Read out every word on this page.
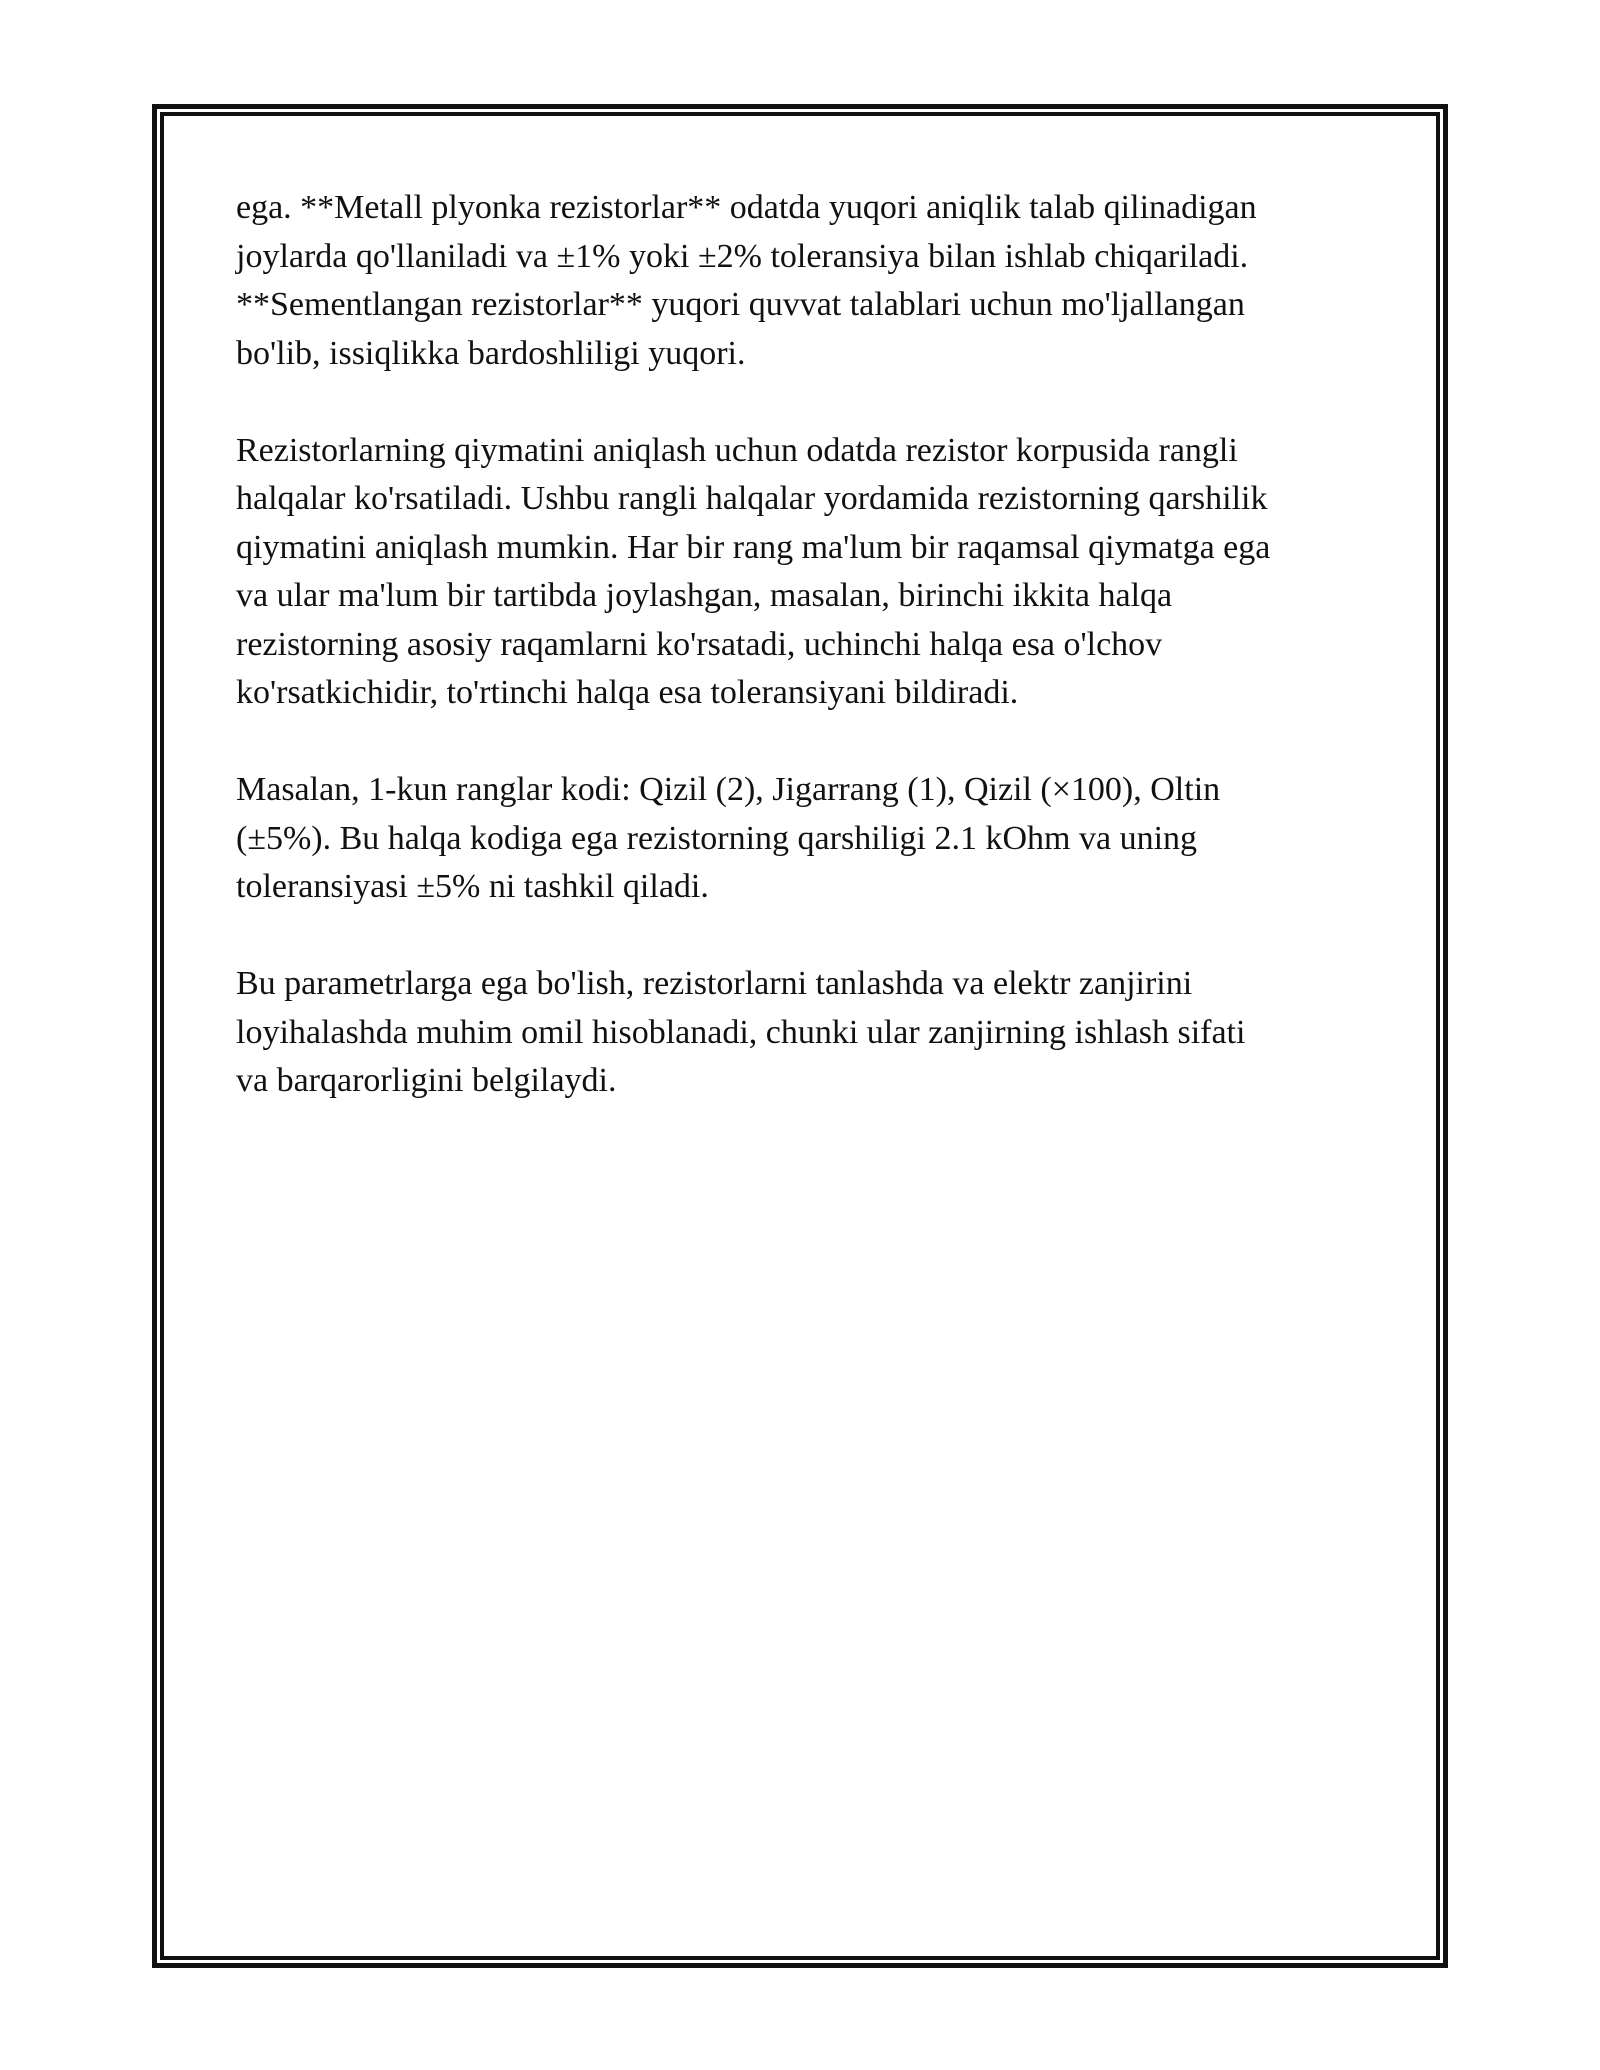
ega. **Metall plyonka rezistorlar** odatda yuqori aniqlik talab qilinadigan
joylarda qo'llaniladi va ±1% yoki ±2% toleransiya bilan ishlab chiqariladi.
**Sementlangan rezistorlar** yuqori quvvat talablari uchun mo'ljallangan
bo'lib, issiqlikka bardoshliligi yuqori.

Rezistorlarning qiymatini aniqlash uchun odatda rezistor korpusida rangli
halqalar ko'rsatiladi. Ushbu rangli halqalar yordamida rezistorning qarshilik
qiymatini aniqlash mumkin. Har bir rang ma'lum bir raqamsal qiymatga ega
va ular ma'lum bir tartibda joylashgan, masalan, birinchi ikkita halqa
rezistorning asosiy raqamlarni ko'rsatadi, uchinchi halqa esa o'lchov
ko'rsatkichidir, to'rtinchi halqa esa toleransiyani bildiradi.

Masalan, 1-kun ranglar kodi: Qizil (2), Jigarrang (1), Qizil (×100), Oltin
(±5%). Bu halqa kodiga ega rezistorning qarshiligi 2.1 kOhm va uning
toleransiyasi ±5% ni tashkil qiladi.

Bu parametrlarga ega bo'lish, rezistorlarni tanlashda va elektr zanjirini
loyihalashda muhim omil hisoblanadi, chunki ular zanjirning ishlash sifati
va barqarorligini belgilaydi.
